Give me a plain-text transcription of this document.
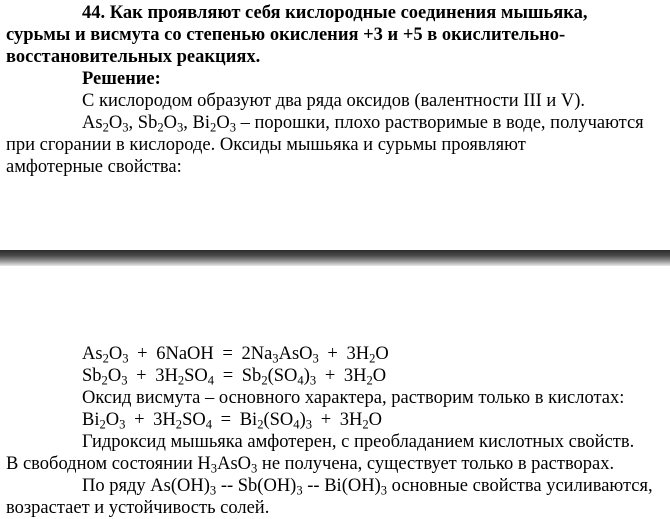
44. Как проявляют себя кислородные соединения мышьяка,
сурьмы и висмута со степенью окисления +3 и +5 в окислительно-
восстановительных реакциях.
Решение:
С кислородом образуют два ряда оксидов (валентности III и V).
$As_2O_3$, $Sb_2O_3$, $Bi_2O_3$ – порошки, плохо растворимые в воде, получаются
при сгорании в кислороде. Оксиды мышьяка и сурьмы проявляют
амфотерные свойства:
$As_2O_3$ + 6NaOH = $2Na_3AsO_3 + 3H_2O$
$Sb_2O_3 + 3H_2SO_4 = Sb_2(SO_4)_3 + 3H_2O$
Оксид висмута – основного характера, растворим только в кислотах:
$Bi_2O_3 + 3H_2SO_4 = Bi_2(SO_4)_3 + 3H_2O$
Гидроксид мышьяка амфотерен, с преобладанием кислотных свойств.
В свободном состоянии $H_3AsO_3$ не получена, существует только в растворах.
По ряду $As(OH)_3 -- Sb(OH)_3 -- Bi(OH)_3$ основные свойства усиливаются,
возрастает и устойчивость солей.
